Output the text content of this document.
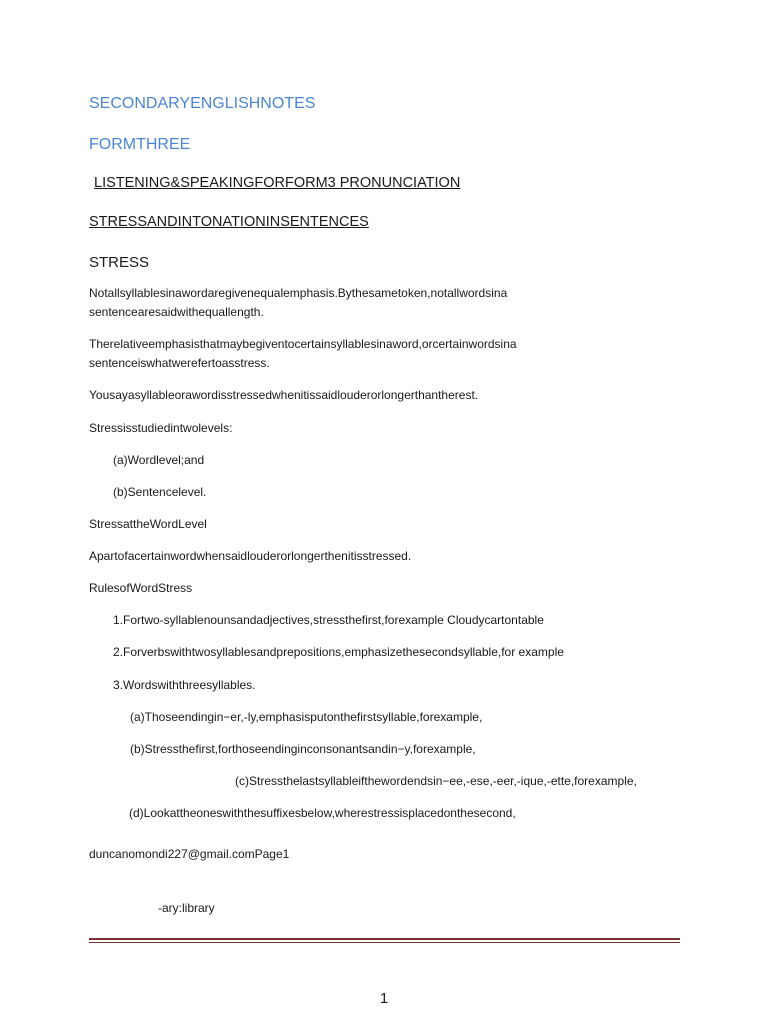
SECONDARYENGLISHNOTES
FORMTHREE
LISTENING&SPEAKINGFORFORM3 PRONUNCIATION
STRESSANDINTONATIONINSENTENCES
STRESS
Notallsyllablesinawordaregivenequalemphasis.Bythesametoken,notallwordsina
sentencearesaidwithequallength.
Therelativeemphasisthatmaybegiventocertainsyllablesinaword,orcertainwordsina
sentenceiswhatwerefertoasstress.
Yousayasyllableorawordisstressedwhenitissaidlouderorlongerthantherest.
Stressisstudiedintwolevels:
(a)Wordlevel;and
(b)Sentencelevel.
StressattheWordLevel
Apartofacertainwordwhensaidlouderorlongerthenitisstressed.
RulesofWordStress
1.Fortwo-syllablenounsandadjectives,stressthefirst,forexample Cloudycartontable
2.Forverbswithtwosyllablesandprepositions,emphasizethesecondsyllable,for example
3.Wordswiththreesyllables.
(a)Thoseendingin−er,-ly,emphasisputonthefirstsyllable,forexample,
(b)Stressthefirst,forthoseendinginconsonantsandin−y,forexample,
(c)Stressthelastsyllableifthewordendsin−ee,-ese,-eer,-ique,-ette,forexample,
(d)Lookattheoneswiththesuffixesbelow,wherestressisplacedonthesecond,
duncanomondi227@gmail.comPage1
-ary:library
1
